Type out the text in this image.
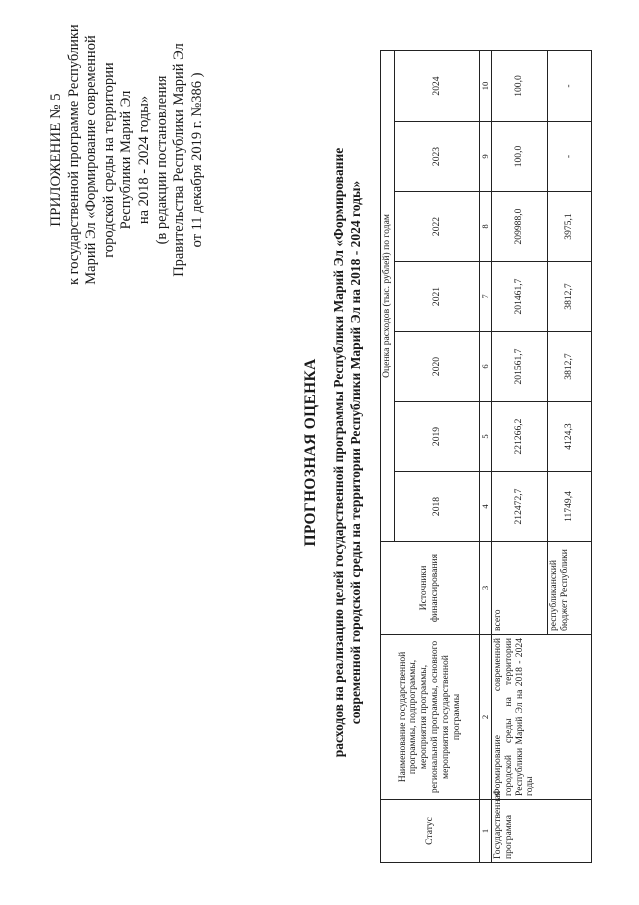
ПРИЛОЖЕНИЕ № 5 к государственной программе Республики Марий Эл «Формирование современной городской среды на территории Республики Марий Эл на 2018 - 2024 годы» (в редакции постановления Правительства Республики Марий Эл от 11 декабря 2019 г. №386 )
ПРОГНОЗНАЯ ОЦЕНКА расходов на реализацию целей государственной программы Республики Марий Эл «Формирование современной городской среды на территории Республики Марий Эл на 2018 - 2024 годы»
Статус	Наименование государственной программы, подпрограммы, мероприятия программы, региональной программы, основного мероприятия государственной программы	Источники финансирования	Оценка расходов (тыс. рублей) по годам						
			2018	2019	2020	2021	2022	2023	2024
1	2	3	4	5	6	7	8	9	10
Государственная программа	Формирование современной городской среды на территории Республики Марий Эл на 2018 - 2024 годы	всего	212472,7	221266,2	201561,7	201461,7	209988,0	100,0	100,0
		республиканский бюджет Республики	11749,4	4124,3	3812,7	3812,7	3975,1	-	-
